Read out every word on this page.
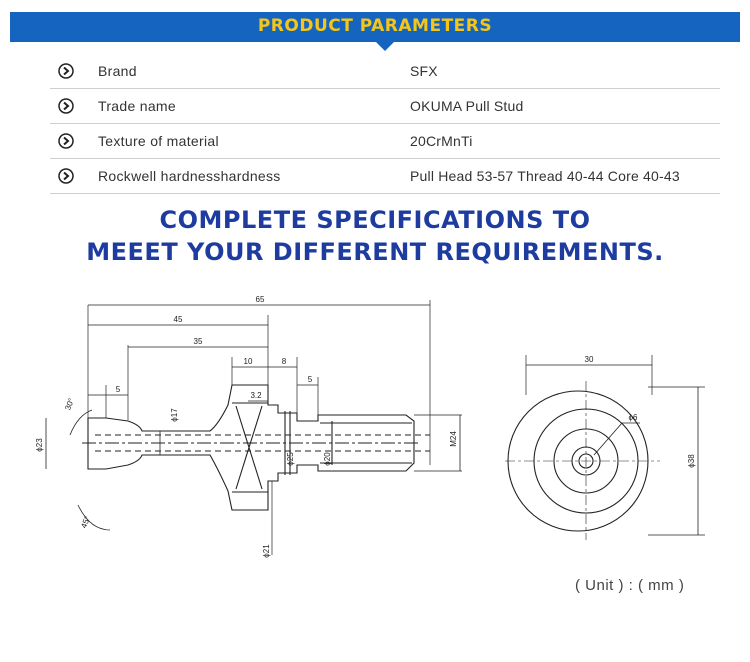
PRODUCT PARAMETERS
Brand	SFX
Trade name	OKUMA Pull Stud
Texture of material	20CrMnTi
Rockwell hardnesshardness	Pull Head 53-57 Thread 40-44 Core 40-43
COMPLETE SPECIFICATIONS TO
MEEET YOUR DIFFERENT REQUIREMENTS.
65
45
35
10	8
5
5
3.2
30°
45°
ϕ23
ϕ17
ϕ25	ϕ20
ϕ21
M24
30
ϕ6
ϕ38
( Unit ) : ( mm )
